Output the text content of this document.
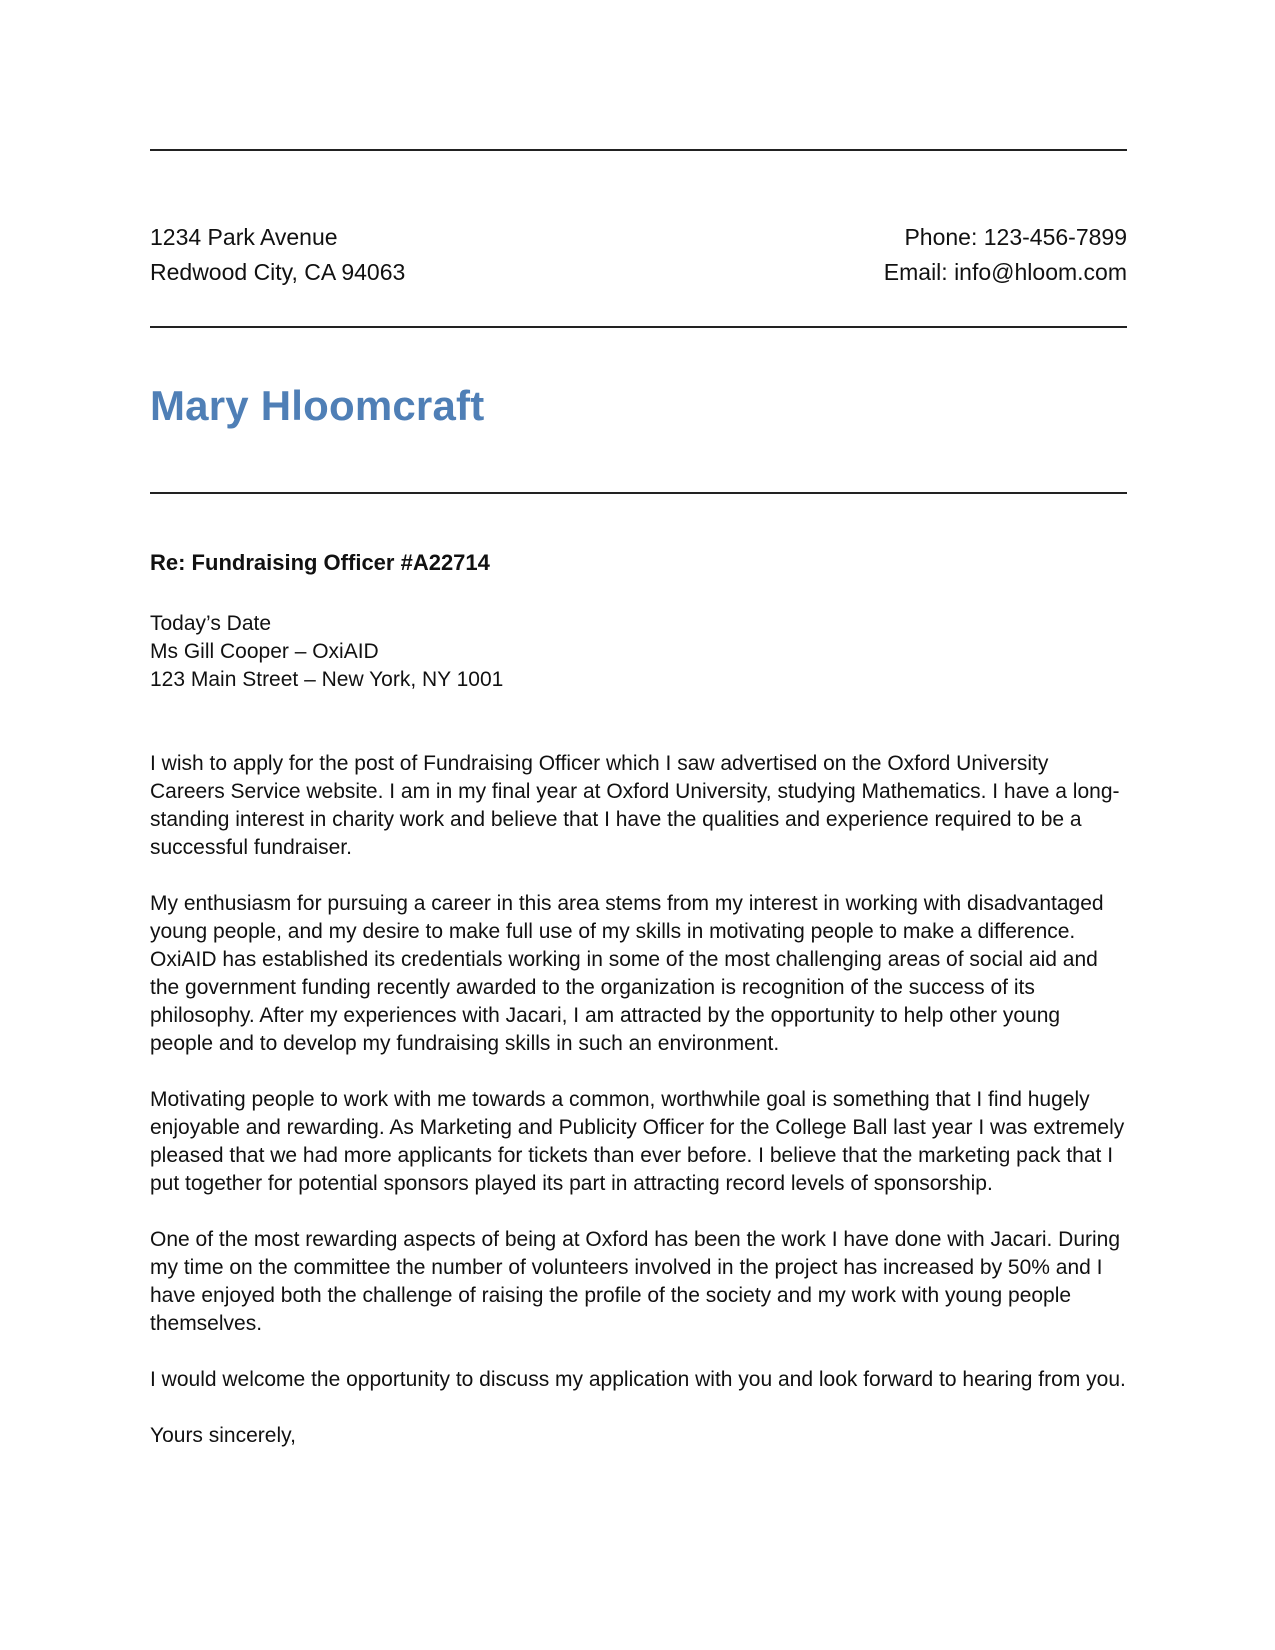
1234 Park Avenue
Redwood City, CA 94063
Phone: 123-456-7899
Email: info@hloom.com
Mary Hloomcraft
Re: Fundraising Officer #A22714
Today’s Date
Ms Gill Cooper – OxiAID
123 Main Street – New York, NY 1001

I wish to apply for the post of Fundraising Officer which I saw advertised on the Oxford University Careers Service website. I am in my final year at Oxford University, studying Mathematics. I have a long-standing interest in charity work and believe that I have the qualities and experience required to be a successful fundraiser.

My enthusiasm for pursuing a career in this area stems from my interest in working with disadvantaged young people, and my desire to make full use of my skills in motivating people to make a difference. OxiAID has established its credentials working in some of the most challenging areas of social aid and the government funding recently awarded to the organization is recognition of the success of its philosophy. After my experiences with Jacari, I am attracted by the opportunity to help other young people and to develop my fundraising skills in such an environment.

Motivating people to work with me towards a common, worthwhile goal is something that I find hugely enjoyable and rewarding. As Marketing and Publicity Officer for the College Ball last year I was extremely pleased that we had more applicants for tickets than ever before. I believe that the marketing pack that I put together for potential sponsors played its part in attracting record levels of sponsorship.

One of the most rewarding aspects of being at Oxford has been the work I have done with Jacari. During my time on the committee the number of volunteers involved in the project has increased by 50% and I have enjoyed both the challenge of raising the profile of the society and my work with young people themselves.

I would welcome the opportunity to discuss my application with you and look forward to hearing from you.

Yours sincerely,
